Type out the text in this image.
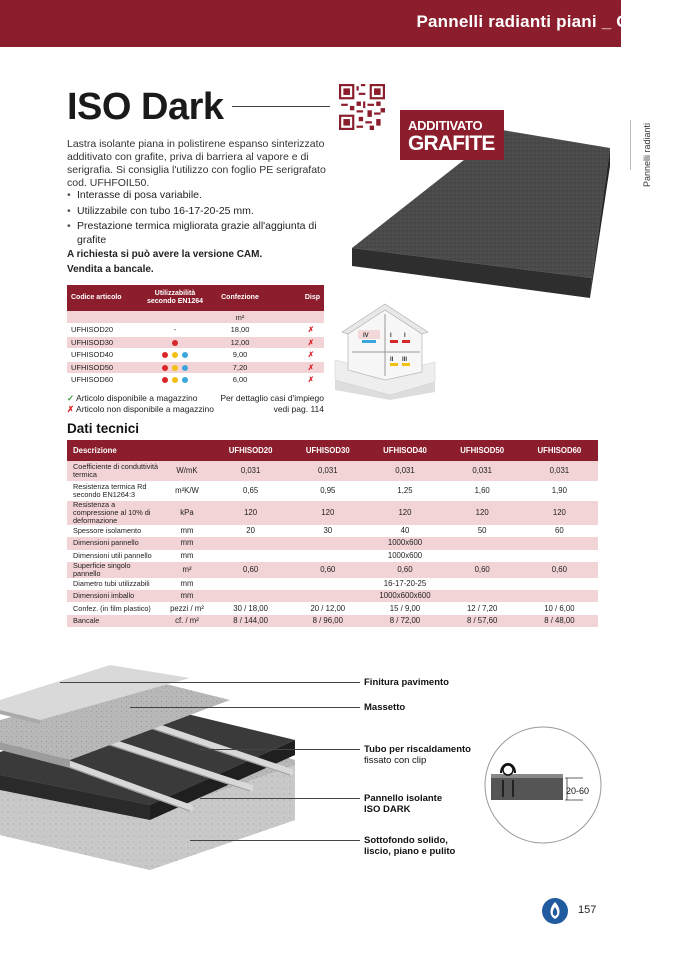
Pannelli radianti piani _ C2.3
Pannelli radianti
ISO Dark
Lastra isolante piana in polistirene espanso sinterizzato additivato con grafite, priva di barriera al vapore e di serigrafia. Si consiglia l'utilizzo con foglio PE serigrafato cod. UFHFOIL50.
• Interasse di posa variabile.
• Utilizzabile con tubo 16-17-20-25 mm.
• Prestazione termica migliorata grazie all'aggiunta di grafite
A richiesta si può avere la versione CAM.
Vendita a bancale.
ADDITIVATO
GRAFITE
Codice articolo	Utilizzabilità secondo EN1264	Confezione	Disp
		m²	
UFHISOD20	-	18,00	✗
UFHISOD30		12,00	✗
UFHISOD40		9,00	✗
UFHISOD50		7,20	✗
UFHISOD60		6,00	✗
✓ Articolo disponibile a magazzino
✗ Articolo non disponibile a magazzino
Per dettaglio casi d'impiego
vedi pag. 114
IV	I I
II III
Dati tecnici
Descrizione		UFHISOD20	UFHISOD30	UFHISOD40	UFHISOD50	UFHISOD60
Coefficiente di conduttività termica	W/mK	0,031	0,031	0,031	0,031	0,031
Resistenza termica Rd secondo EN1264:3	m²K/W	0,65	0,95	1,25	1,60	1,90
Resistenza a compressione al 10% di deformazione	kPa	120	120	120	120	120
Spessore isolamento	mm	20	30	40	50	60
Dimensioni pannello	mm	1000x600				
Dimensioni utili pannello	mm	1000x600				
Superficie singolo pannello	m²	0,60	0,60	0,60	0,60	0,60
Diametro tubi utilizzabili	mm	16-17-20-25				
Dimensioni imballo	mm	1000x600x600				
Confez. (in film plastico)	pezzi / m²	30 / 18,00	20 / 12,00	15 / 9,00	12 / 7,20	10 / 6,00
Bancale	cf. / m²	8 / 144,00	8 / 96,00	8 / 72,00	8 / 57,60	8 / 48,00
Finitura pavimento
Massetto
Tubo per riscaldamento
fissato con clip
Pannello isolante
ISO DARK
Sottofondo solido,
liscio, piano e pulito
20-60
157
